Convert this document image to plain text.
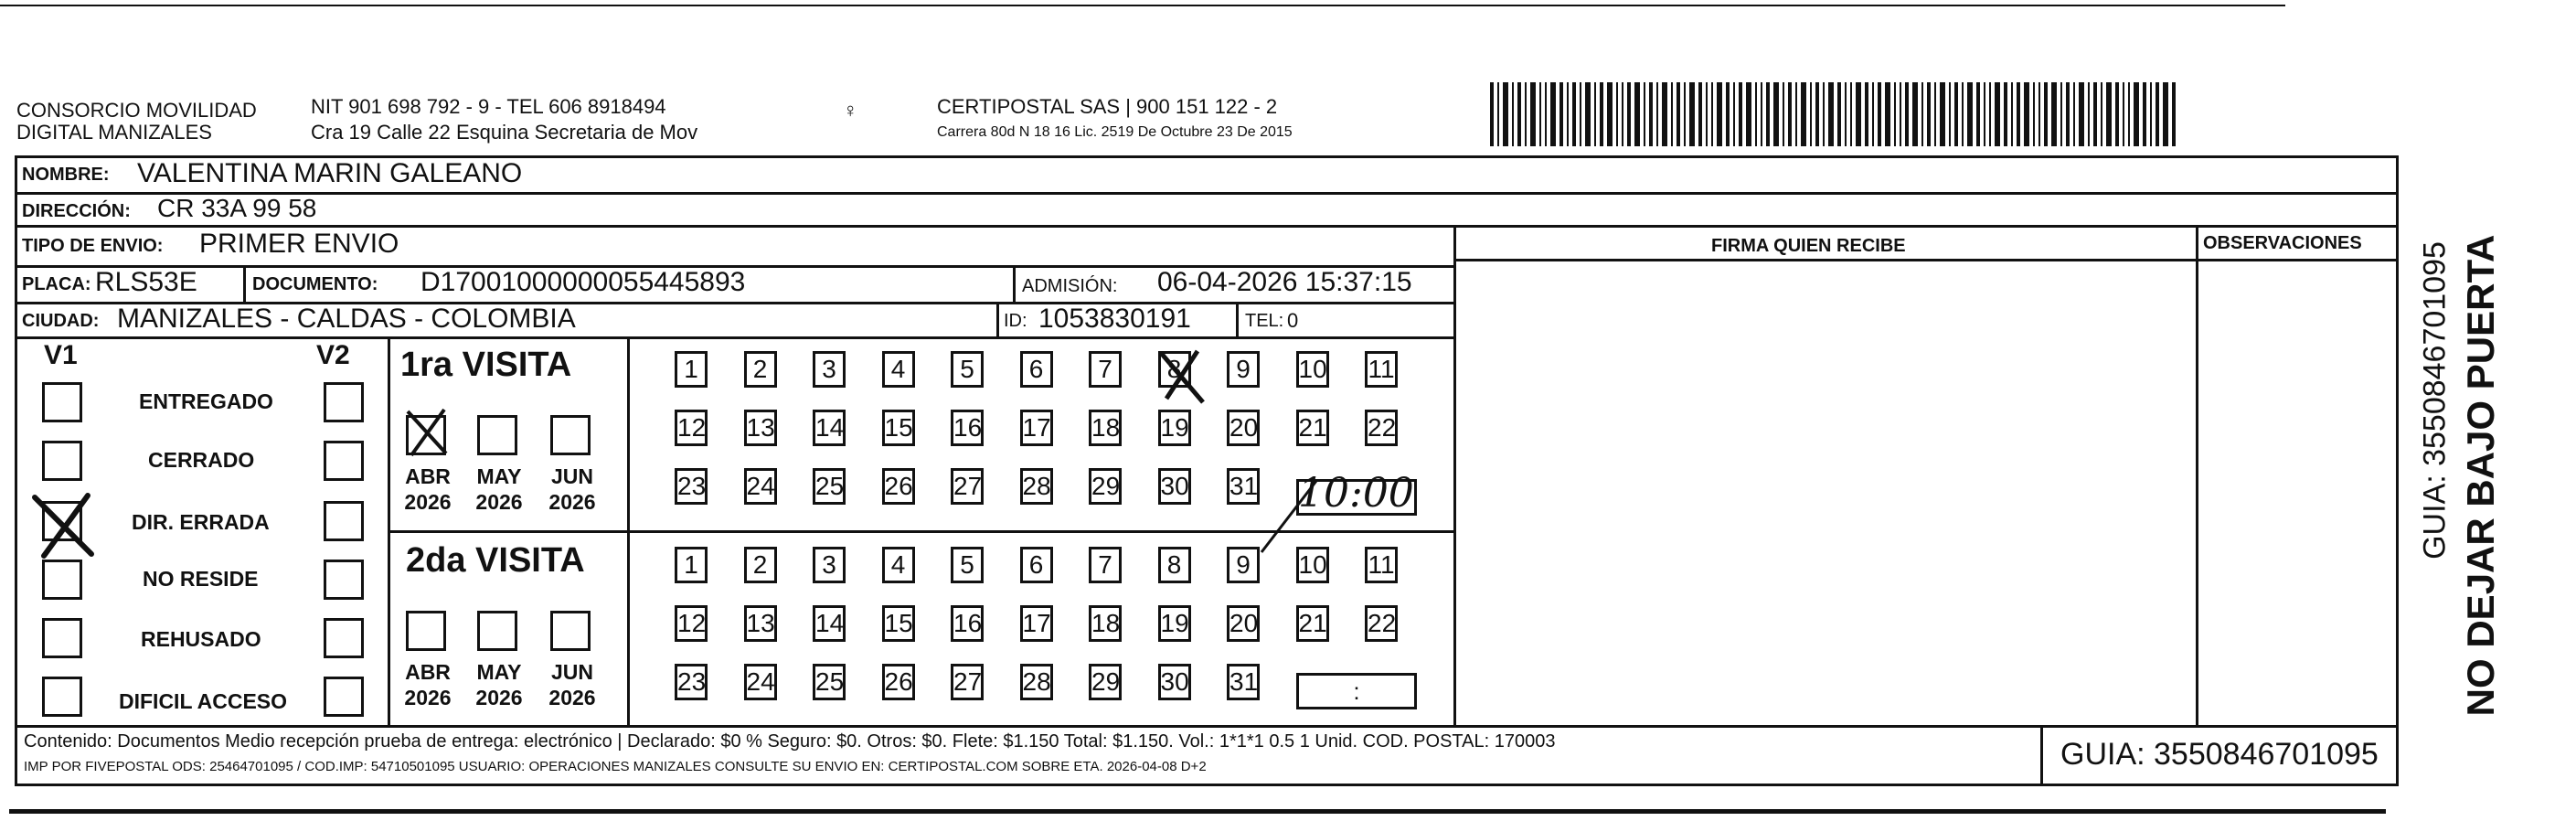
CONSORCIO MOVILIDAD
DIGITAL MANIZALES
NIT 901 698 792 - 9 - TEL 606 8918494
Cra 19 Calle 22 Esquina Secretaria de Mov
♀	CERTIPOSTAL SAS | 900 151 122 - 2
Carrera 80d N 18 16 Lic. 2519 De Octubre 23 De 2015
NOMBRE: VALENTINA MARIN GALEANO
DIRECCIÓN: CR 33A 99 58
TIPO DE ENVIO: PRIMER ENVIO
PLACA: RLS53E	DOCUMENTO: D17001000000055445893	ADMISIÓN: 06-04-2026 15:37:15
CIUDAD: MANIZALES - CALDAS - COLOMBIA	ID: 1053830191	TEL: 0
FIRMA QUIEN RECIBE	OBSERVACIONES
V1	V2
ENTREGADO
CERRADO
DIR. ERRADA
NO RESIDE
REHUSADO
DIFICIL ACCESO
1ra VISITA
ABR MAY	JUN
2026 2026 2026
2da VISITA
ABR MAY	JUN
2026 2026 2026
1	2	3	4	5	6	7	8	9	10 11
12 13 14 15 16 17 18 19 20 21 22
23 24 25 26 27 28 29 30 31
1	2	3	4	5	6	7	8	9	10 11
12 13 14 15 16 17 18 19 20 21 22
23 24 25 26 27 28 29 30 31
10:00
:
Contenido: Documentos Medio recepción prueba de entrega: electrónico | Declarado: $0 % Seguro: $0. Otros: $0. Flete: $1.150 Total: $1.150. Vol.: 1*1*1 0.5 1 Unid. COD. POSTAL: 170003
IMP POR FIVEPOSTAL ODS: 25464701095 / COD.IMP: 54710501095 USUARIO: OPERACIONES MANIZALES CONSULTE SU ENVIO EN: CERTIPOSTAL.COM SOBRE ETA. 2026-04-08 D+2	GUIA: 3550846701095
NO DEJAR BAJO PUERTA
GUIA: 3550846701095
